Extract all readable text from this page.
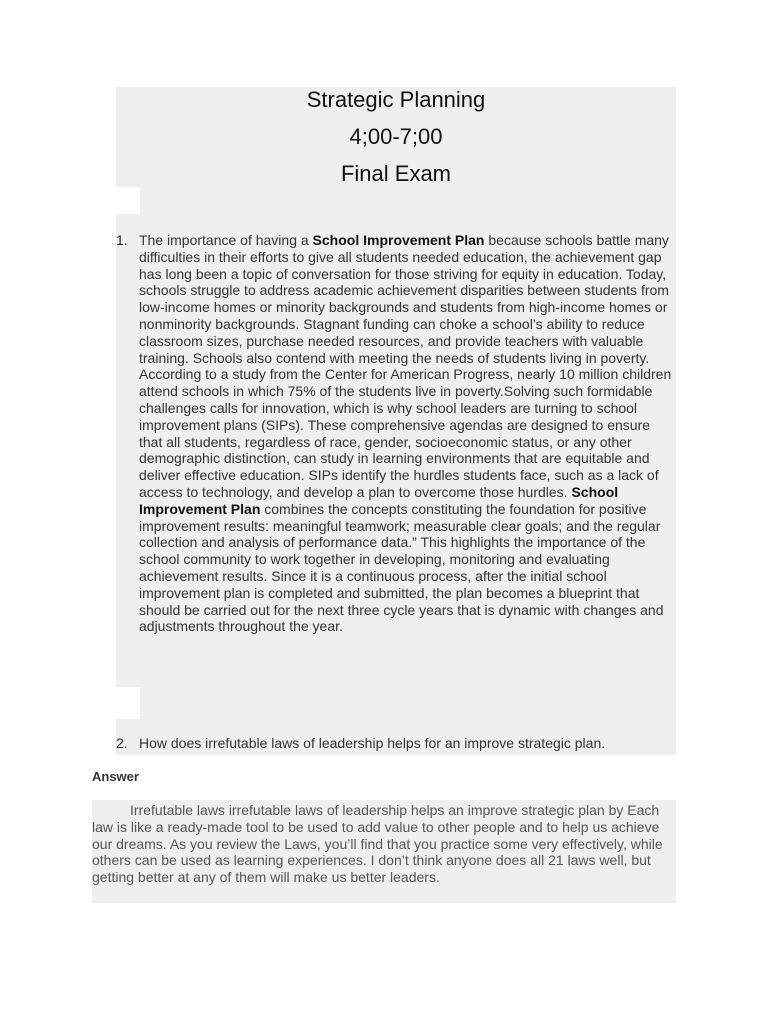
Strategic Planning
4;00-7;00
Final Exam
1. The importance of having a School Improvement Plan because schools battle many difficulties in their efforts to give all students needed education, the achievement gap has long been a topic of conversation for those striving for equity in education. Today, schools struggle to address academic achievement disparities between students from low-income homes or minority backgrounds and students from high-income homes or nonminority backgrounds. Stagnant funding can choke a school’s ability to reduce classroom sizes, purchase needed resources, and provide teachers with valuable training. Schools also contend with meeting the needs of students living in poverty. According to a study from the Center for American Progress, nearly 10 million children attend schools in which 75% of the students live in poverty.Solving such formidable challenges calls for innovation, which is why school leaders are turning to school improvement plans (SIPs). These comprehensive agendas are designed to ensure that all students, regardless of race, gender, socioeconomic status, or any other demographic distinction, can study in learning environments that are equitable and deliver effective education. SIPs identify the hurdles students face, such as a lack of access to technology, and develop a plan to overcome those hurdles. School Improvement Plan combines the concepts constituting the foundation for positive improvement results: meaningful teamwork; measurable clear goals; and the regular collection and analysis of performance data.” This highlights the importance of the school community to work together in developing, monitoring and evaluating achievement results. Since it is a continuous process, after the initial school improvement plan is completed and submitted, the plan becomes a blueprint that should be carried out for the next three cycle years that is dynamic with changes and adjustments throughout the year.

2. How does irrefutable laws of leadership helps for an improve strategic plan.

Answer

Irrefutable laws irrefutable laws of leadership helps an improve strategic plan by Each law is like a ready-made tool to be used to add value to other people and to help us achieve our dreams. As you review the Laws, you’ll find that you practice some very effectively, while others can be used as learning experiences. I don’t think anyone does all 21 laws well, but getting better at any of them will make us better leaders.
